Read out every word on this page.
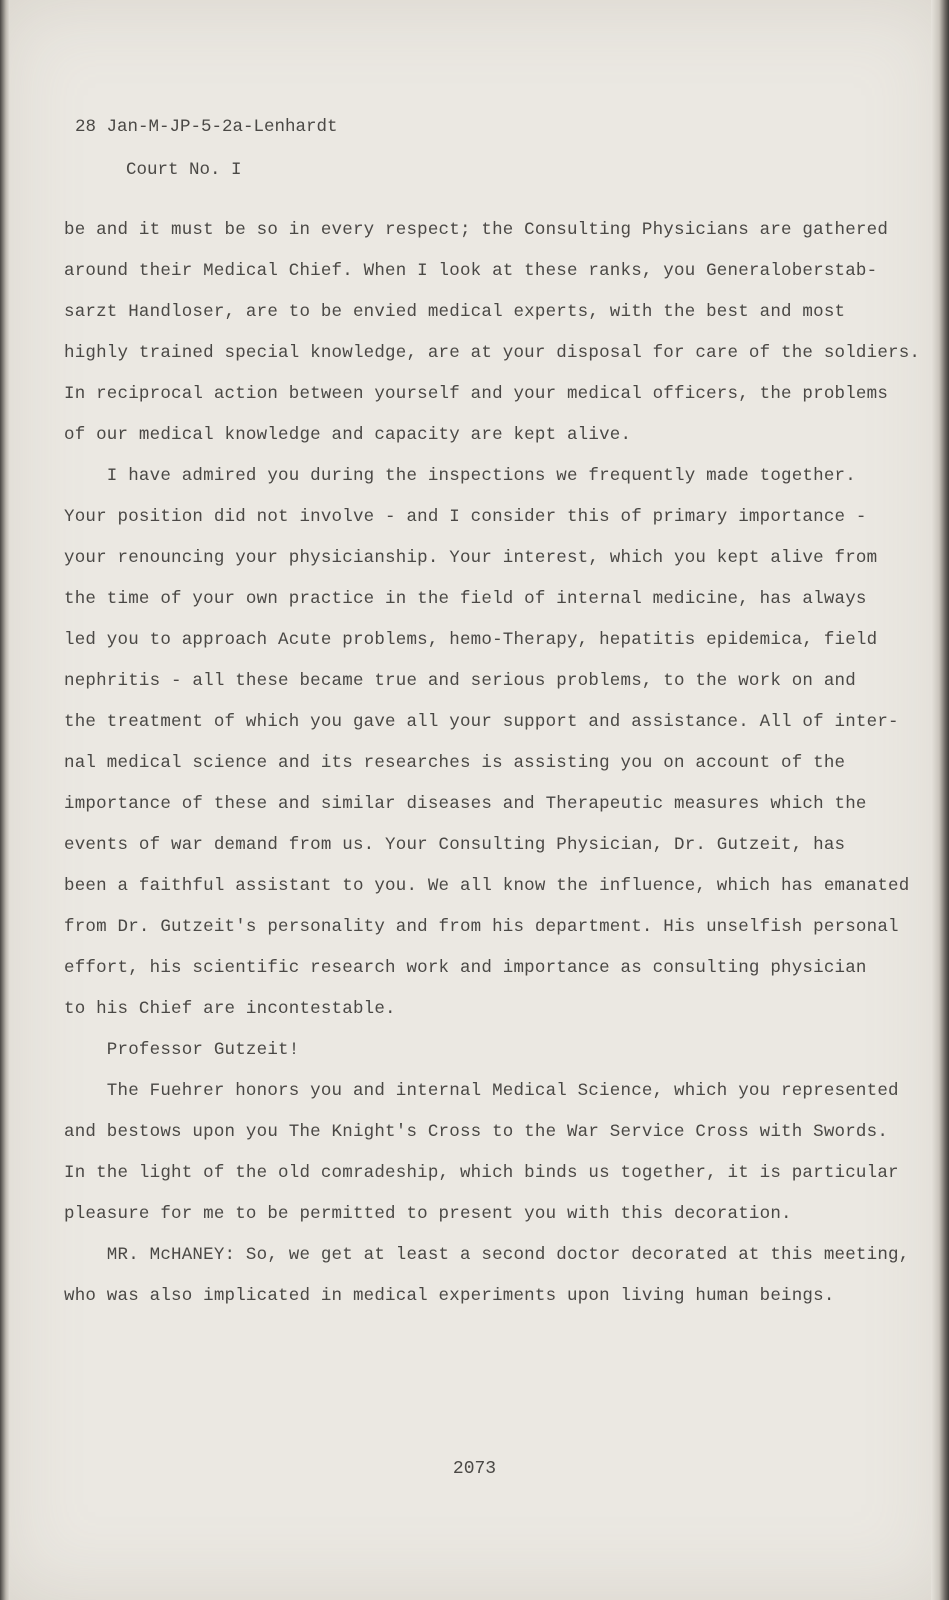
28 Jan-M-JP-5-2a-Lenhardt
Court No. I
be and it must be so in every respect; the Consulting Physicians are gathered
around their Medical Chief. When I look at these ranks, you Generaloberstab-
sarzt Handloser, are to be envied medical experts, with the best and most
highly trained special knowledge, are at your disposal for care of the soldiers.
In reciprocal action between yourself and your medical officers, the problems
of our medical knowledge and capacity are kept alive.
I have admired you during the inspections we frequently made together.
Your position did not involve - and I consider this of primary importance -
your renouncing your physicianship. Your interest, which you kept alive from
the time of your own practice in the field of internal medicine, has always
led you to approach Acute problems, hemo-Therapy, hepatitis epidemica, field
nephritis - all these became true and serious problems, to the work on and
the treatment of which you gave all your support and assistance. All of inter-
nal medical science and its researches is assisting you on account of the
importance of these and similar diseases and Therapeutic measures which the
events of war demand from us. Your Consulting Physician, Dr. Gutzeit, has
been a faithful assistant to you. We all know the influence, which has emanated
from Dr. Gutzeit's personality and from his department. His unselfish personal
effort, his scientific research work and importance as consulting physician
to his Chief are incontestable.
Professor Gutzeit!
The Fuehrer honors you and internal Medical Science, which you represented
and bestows upon you The Knight's Cross to the War Service Cross with Swords.
In the light of the old comradeship, which binds us together, it is particular
pleasure for me to be permitted to present you with this decoration.
MR. McHANEY: So, we get at least a second doctor decorated at this meeting,
who was also implicated in medical experiments upon living human beings.
2073
